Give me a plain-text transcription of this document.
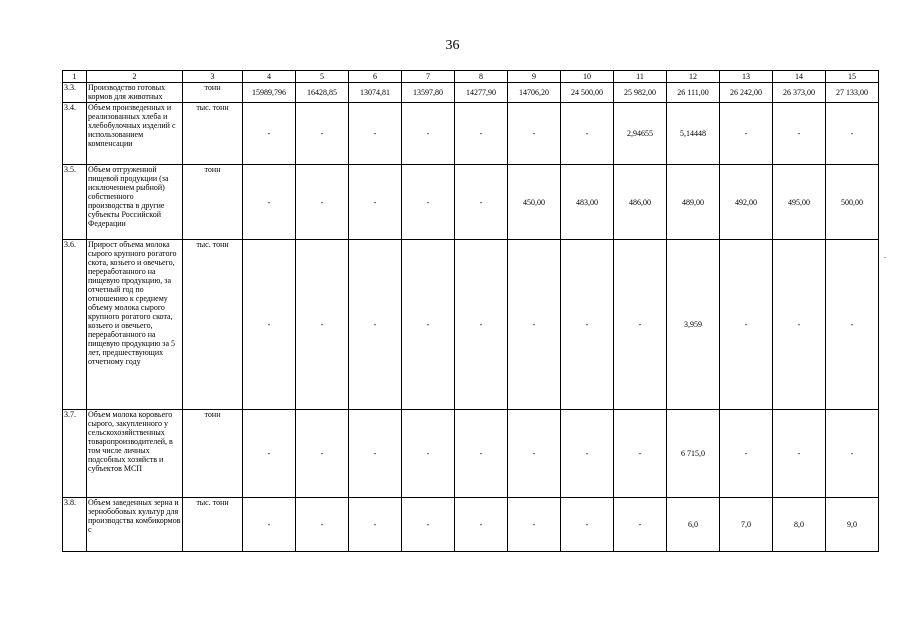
36
1	2	3	4	5	6	7	8	9	10	11	12	13	14	15
3.3.	Производство готовых кормов для животных	тонн	15989,796	16428,85	13074,81	13597,80	14277,90	14706,20	24 500,00	25 982,00	26 111,00	26 242,00	26 373,00	27 133,00
3.4.	Объем произведенных и реализованных хлеба и хлебобулочных изделий с использованием компенсации	тыс. тонн	-	-	-	-	-	-	-	2,94655	5,14448	-	-	-
3.5.	Объем отгруженной пищевой продукции (за исключением рыбной) собственного производства в другие субъекты Российской Федерации	тонн	-	-	-	-	-	450,00	483,00	486,00	489,00	492,00	495,00	500,00
3.6.	Прирост объема молока сырого крупного рогатого скота, козьего и овечьего, переработанного на пищевую продукцию, за отчетный год по отношению к среднему объему молока сырого крупного рогатого скота, козьего и овечьего, переработанного на пищевую продукцию за 5 лет, предшествующих отчетному году	тыс. тонн	-	-	-	-	-	-	-	-	3,959	-	-	-
3.7.	Объем молока коровьего сырого, закупленного у сельскохозяйственных товаропроизводителей, в том числе личных подсобных хозяйств и субъектов МСП	тонн	-	-	-	-	-	-	-	-	6 715,0	-	-	-
3.8.	Объем заведенных зерна и зернобобовых культур для производства комбикормов с	тыс. тонн	-	-	-	-	-	-	-	-	6,0	7,0	8,0	9,0
.
